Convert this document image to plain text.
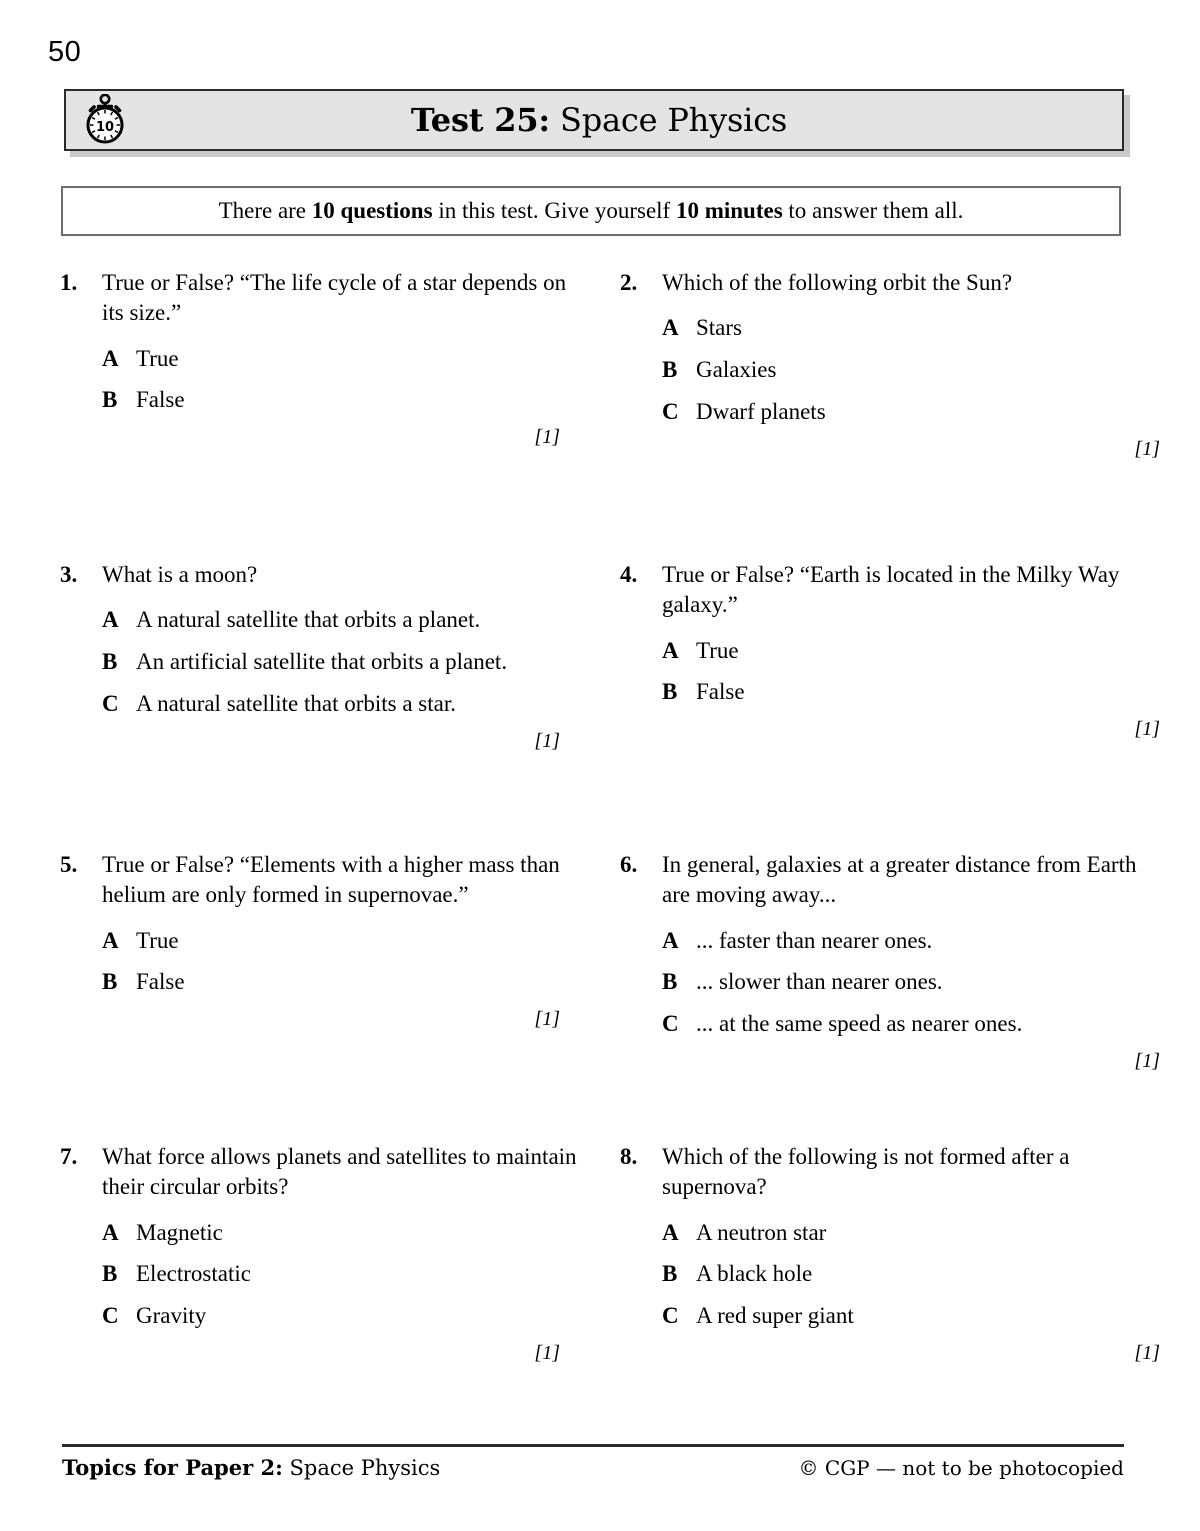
50
10	Test 25: Space Physics
There are 10 questions in this test. Give yourself 10 minutes to answer them all.
1.	True or False? “The life cycle of a star depends on its size.”
A True
B False
[1]
2.	Which of the following orbit the Sun?
A Stars
B Galaxies
C Dwarf planets
[1]
3.	What is a moon?
A A natural satellite that orbits a planet.
B An artificial satellite that orbits a planet.
C A natural satellite that orbits a star.
[1]
4.	True or False? “Earth is located in the Milky Way galaxy.”
A True
B False
[1]
5.	True or False? “Elements with a higher mass than helium are only formed in supernovae.”
A True
B False
[1]
6.	In general, galaxies at a greater distance from Earth are moving away...
A ... faster than nearer ones.
B ... slower than nearer ones.
C ... at the same speed as nearer ones.
[1]
7.	What force allows planets and satellites to maintain their circular orbits?
A Magnetic
B Electrostatic
C Gravity
[1]
8.	Which of the following is not formed after a supernova?
A A neutron star
B A black hole
C A red super giant
[1]
Topics for Paper 2: Space Physics	© CGP — not to be photocopied
